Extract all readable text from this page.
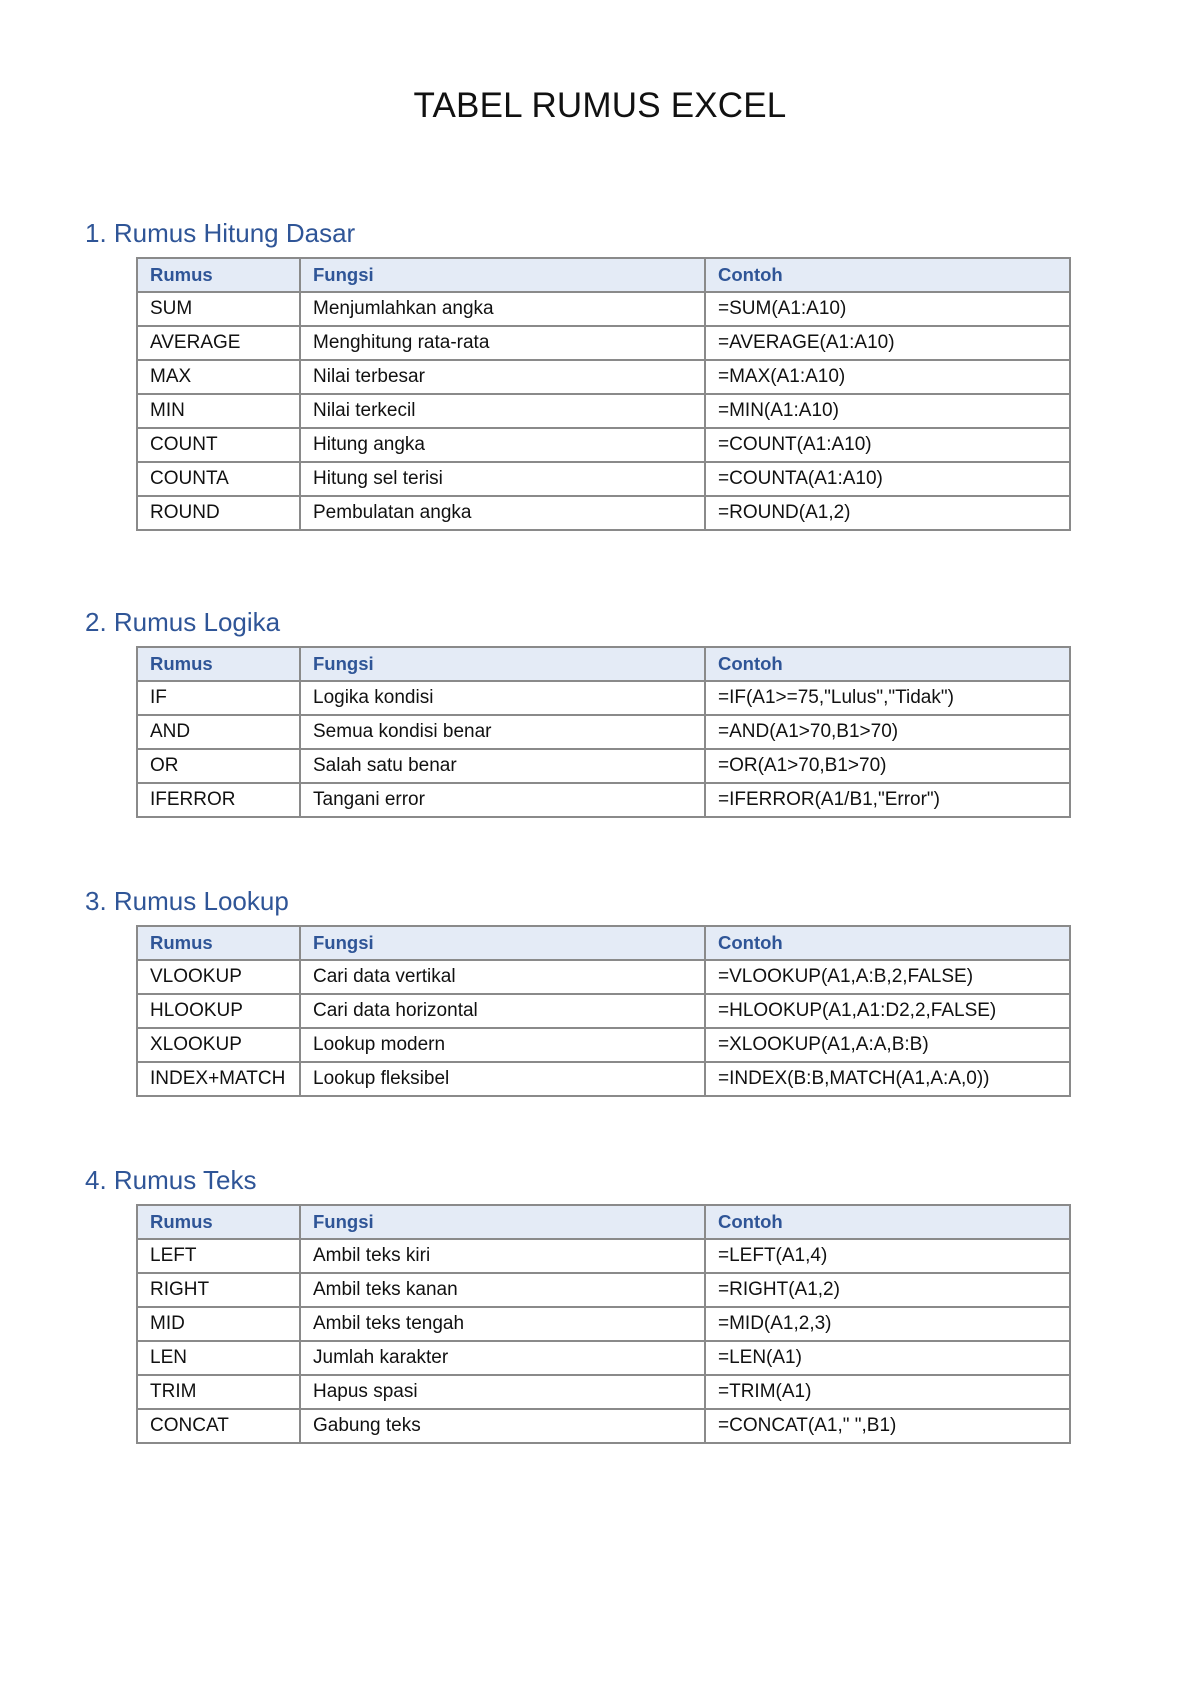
TABEL RUMUS EXCEL
1. Rumus Hitung Dasar
Rumus	Fungsi	Contoh
SUM	Menjumlahkan angka	=SUM(A1:A10)
AVERAGE	Menghitung rata-rata	=AVERAGE(A1:A10)
MAX	Nilai terbesar	=MAX(A1:A10)
MIN	Nilai terkecil	=MIN(A1:A10)
COUNT	Hitung angka	=COUNT(A1:A10)
COUNTA	Hitung sel terisi	=COUNTA(A1:A10)
ROUND	Pembulatan angka	=ROUND(A1,2)
2. Rumus Logika
Rumus	Fungsi	Contoh
IF	Logika kondisi	=IF(A1>=75,"Lulus","Tidak")
AND	Semua kondisi benar	=AND(A1>70,B1>70)
OR	Salah satu benar	=OR(A1>70,B1>70)
IFERROR	Tangani error	=IFERROR(A1/B1,"Error")
3. Rumus Lookup
Rumus	Fungsi	Contoh
VLOOKUP	Cari data vertikal	=VLOOKUP(A1,A:B,2,FALSE)
HLOOKUP	Cari data horizontal	=HLOOKUP(A1,A1:D2,2,FALSE)
XLOOKUP	Lookup modern	=XLOOKUP(A1,A:A,B:B)
INDEX+MATCH	Lookup fleksibel	=INDEX(B:B,MATCH(A1,A:A,0))
4. Rumus Teks
Rumus	Fungsi	Contoh
LEFT	Ambil teks kiri	=LEFT(A1,4)
RIGHT	Ambil teks kanan	=RIGHT(A1,2)
MID	Ambil teks tengah	=MID(A1,2,3)
LEN	Jumlah karakter	=LEN(A1)
TRIM	Hapus spasi	=TRIM(A1)
CONCAT	Gabung teks	=CONCAT(A1," ",B1)
